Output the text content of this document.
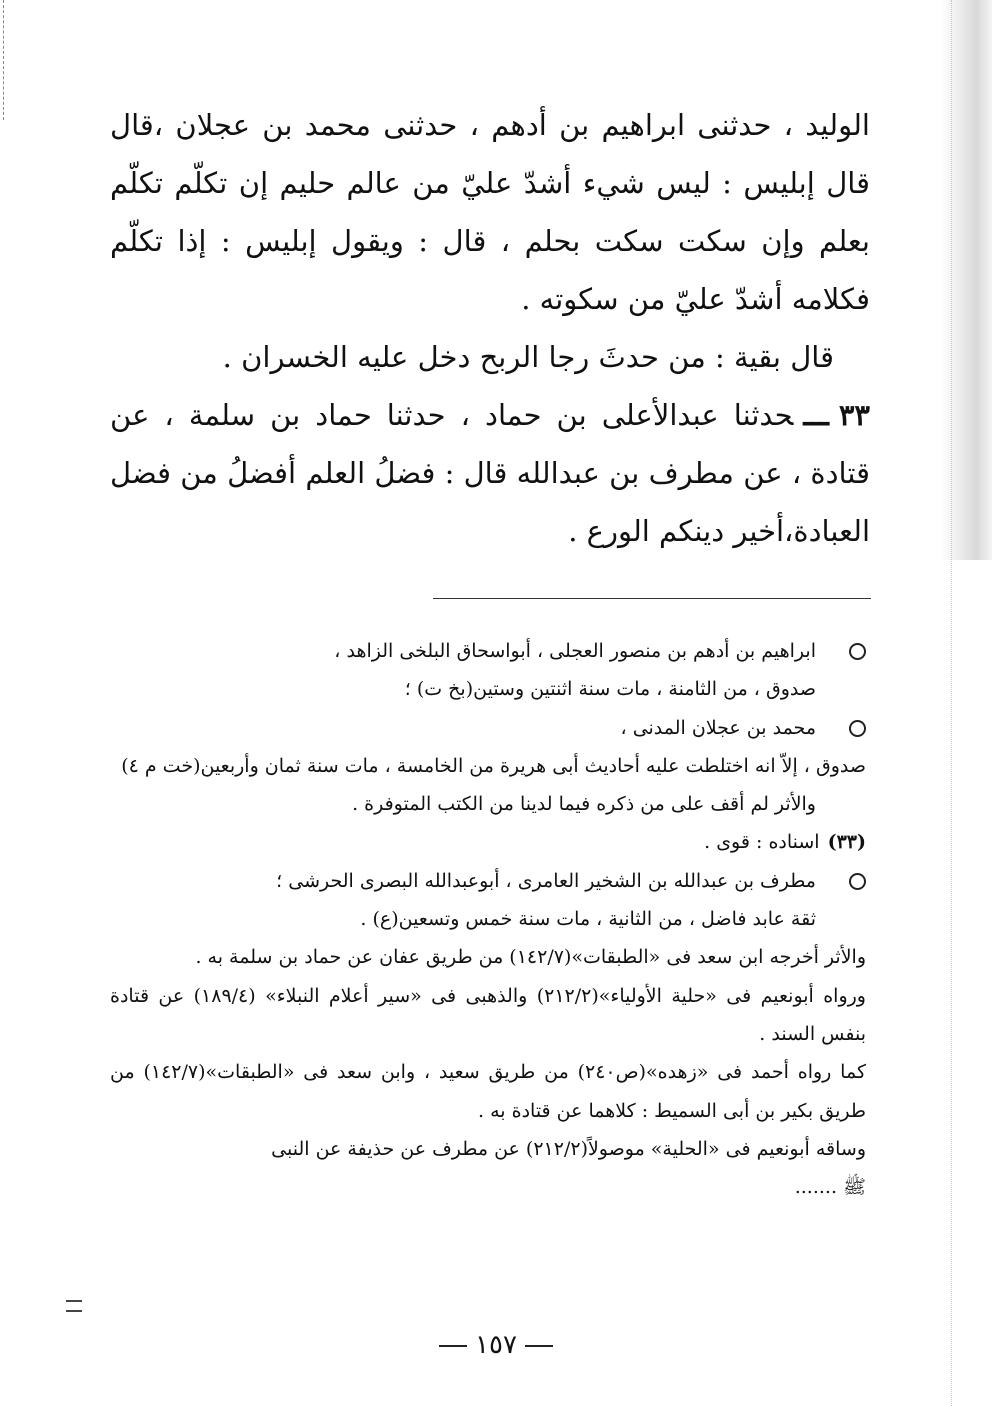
الوليد ، حدثنى ابراهيم بن أدهم ، حدثنى محمد بن عجلان ،قال قال إبليس : ليس شيء أشدّ عليّ من عالم حليم إن تكلّم تكلّم بعلم وإن سكت سكت بحلم ، قال : ويقول إبليس : إذا تكلّم فكلامه أشدّ عليّ من سكوته .

قال بقية : من حدثَ رجا الربح دخل عليه الخسران .

٣٣ـــحدثنا عبدالأعلى بن حماد ، حدثنا حماد بن سلمة ، عن قتادة ، عن مطرف بن عبدالله قال : فضلُ العلم أفضلُ من فضل العبادة،أخير دينكم الورع .

ابراهيم بن أدهم بن منصور العجلى ، أبواسحاق البلخى الزاهد ،

صدوق ، من الثامنة ، مات سنة اثنتين وستين(بخ ت) ؛

محمد بن عجلان المدنى ،

صدوق ، إلاّ انه اختلطت عليه أحاديث أبى هريرة من الخامسة ، مات سنة ثمان وأربعين(خت م ٤)

والأثر لم أقف على من ذكره فيما لدينا من الكتب المتوفرة .

(٣٣)اسناده : قوى .

مطرف بن عبدالله بن الشخير العامرى ، أبوعبدالله البصرى الحرشى ؛

ثقة عابد فاضل ، من الثانية ، مات سنة خمس وتسعين(ع) .

والأثر أخرجه ابن سعد فى «الطبقات»(١٤٢/٧) من طريق عفان عن حماد بن سلمة به .

ورواه أبونعيم فى «حلية الأولياء»(٢١٢/٢) والذهبى فى «سير أعلام النبلاء» (١٨٩/٤) عن قتادة بنفس السند .

كما رواه أحمد فى «زهده»(ص٢٤٠) من طريق سعيد ، وابن سعد فى «الطبقات»(١٤٢/٧) من طريق بكير بن أبى السميط : كلاهما عن قتادة به .

وساقه أبونعيم فى «الحلية» موصولاً(٢١٢/٢) عن مطرف عن حذيفة عن النبى

ﷺ .......

١٥٧
